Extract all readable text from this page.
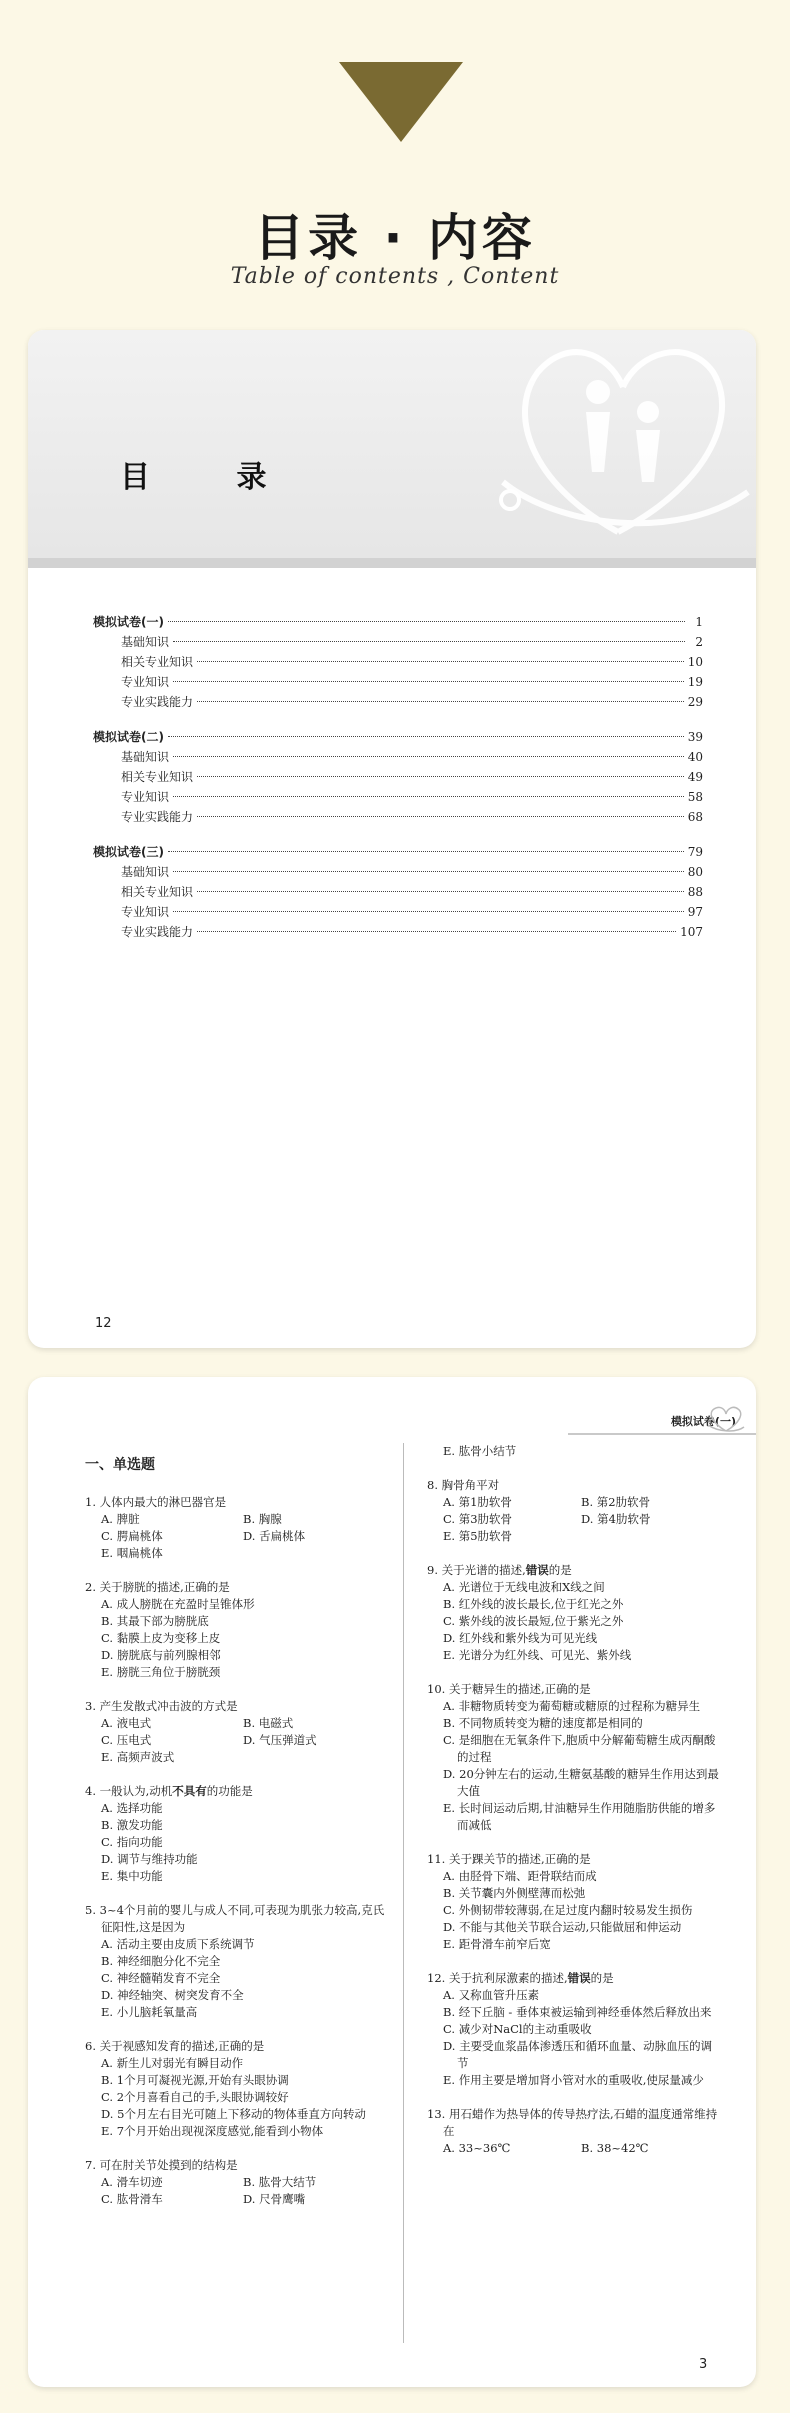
目录 · 内容
Table of contents , Content
目 录
模拟试卷(一)	1
基础知识	2
相关专业知识	10
专业知识	19
专业实践能力	29
模拟试卷(二)	39
基础知识	40
相关专业知识	49
专业知识	58
专业实践能力	68
模拟试卷(三)	79
基础知识	80
相关专业知识	88
专业知识	97
专业实践能力	107
12
模拟试卷(一)
一、单选题
1. 人体内最大的淋巴器官是
A. 脾脏	B. 胸腺
C. 腭扁桃体	D. 舌扁桃体
E. 咽扁桃体
2. 关于膀胱的描述,正确的是
A. 成人膀胱在充盈时呈锥体形
B. 其最下部为膀胱底
C. 黏膜上皮为变移上皮
D. 膀胱底与前列腺相邻
E. 膀胱三角位于膀胱颈
3. 产生发散式冲击波的方式是
A. 液电式	B. 电磁式
C. 压电式	D. 气压弹道式
E. 高频声波式
4. 一般认为,动机不具有的功能是
A. 选择功能
B. 激发功能
C. 指向功能
D. 调节与维持功能
E. 集中功能
5. 3~4个月前的婴儿与成人不同,可表现为肌张力较高,克氏征阳性,这是因为
A. 活动主要由皮质下系统调节
B. 神经细胞分化不完全
C. 神经髓鞘发育不完全
D. 神经轴突、树突发育不全
E. 小儿脑耗氧量高
6. 关于视感知发育的描述,正确的是
A. 新生儿对弱光有瞬目动作
B. 1个月可凝视光源,开始有头眼协调
C. 2个月喜看自己的手,头眼协调较好
D. 5个月左右目光可随上下移动的物体垂直方向转动
E. 7个月开始出现视深度感觉,能看到小物体
7. 可在肘关节处摸到的结构是
A. 滑车切迹	B. 肱骨大结节
C. 肱骨滑车	D. 尺骨鹰嘴
E. 肱骨小结节
8. 胸骨角平对
A. 第1肋软骨	B. 第2肋软骨
C. 第3肋软骨	D. 第4肋软骨
E. 第5肋软骨
9. 关于光谱的描述,错误的是
A. 光谱位于无线电波和X线之间
B. 红外线的波长最长,位于红光之外
C. 紫外线的波长最短,位于紫光之外
D. 红外线和紫外线为可见光线
E. 光谱分为红外线、可见光、紫外线
10. 关于糖异生的描述,正确的是
A. 非糖物质转变为葡萄糖或糖原的过程称为糖异生
B. 不同物质转变为糖的速度都是相同的
C. 是细胞在无氧条件下,胞质中分解葡萄糖生成丙酮酸的过程
D. 20分钟左右的运动,生糖氨基酸的糖异生作用达到最大值
E. 长时间运动后期,甘油糖异生作用随脂肪供能的增多而减低
11. 关于踝关节的描述,正确的是
A. 由胫骨下端、距骨联结而成
B. 关节囊内外侧壁薄而松弛
C. 外侧韧带较薄弱,在足过度内翻时较易发生损伤
D. 不能与其他关节联合运动,只能做屈和伸运动
E. 距骨滑车前窄后宽
12. 关于抗利尿激素的描述,错误的是
A. 又称血管升压素
B. 经下丘脑 - 垂体束被运输到神经垂体然后释放出来
C. 减少对NaCl的主动重吸收
D. 主要受血浆晶体渗透压和循环血量、动脉血压的调节
E. 作用主要是增加肾小管对水的重吸收,使尿量减少
13. 用石蜡作为热导体的传导热疗法,石蜡的温度通常维持在
A. 33~36℃	B. 38~42℃
3
